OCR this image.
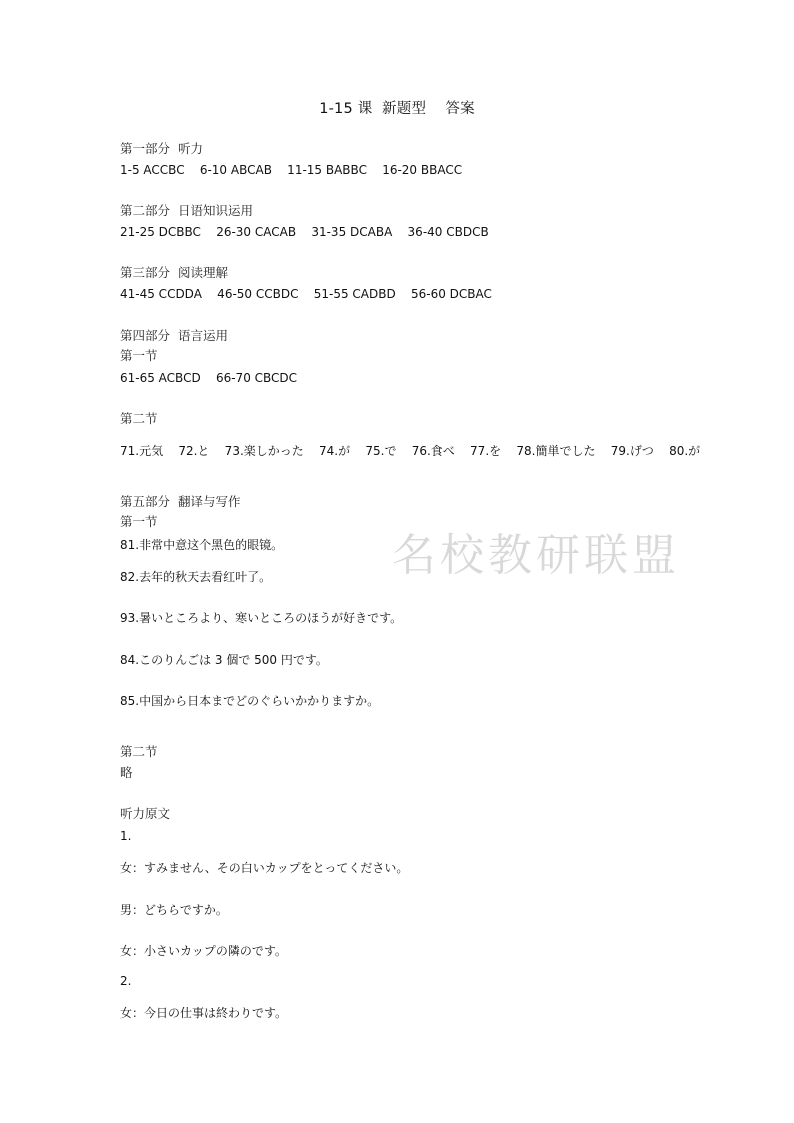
1-15 课  新题型    答案
第一部分  听力
1-5 ACCBC    6-10 ABCAB    11-15 BABBC    16-20 BBACC
第二部分  日语知识运用
21-25 DCBBC    26-30 CACAB    31-35 DCABA    36-40 CBDCB
第三部分  阅读理解
41-45 CCDDA    46-50 CCBDC    51-55 CADBD    56-60 DCBAC
第四部分  语言运用
第一节
61-65 ACBCD    66-70 CBCDC
第二节
71.元気    72.と    73.楽しかった    74.が    75.で    76.食べ    77.を    78.簡単でした    79.げつ    80.が
第五部分  翻译与写作
第一节
81.非常中意这个黑色的眼镜。
82.去年的秋天去看红叶了。
93.暑いところより、寒いところのほうが好きです。
84.このりんごは 3 個で 500 円です。
85.中国から日本までどのぐらいかかりますか。
第二节
略
听力原文
1.
女：すみません、その白いカップをとってください。
男：どちらですか。
女：小さいカップの隣のです。
2.
女：今日の仕事は終わりです。
名校教研联盟
